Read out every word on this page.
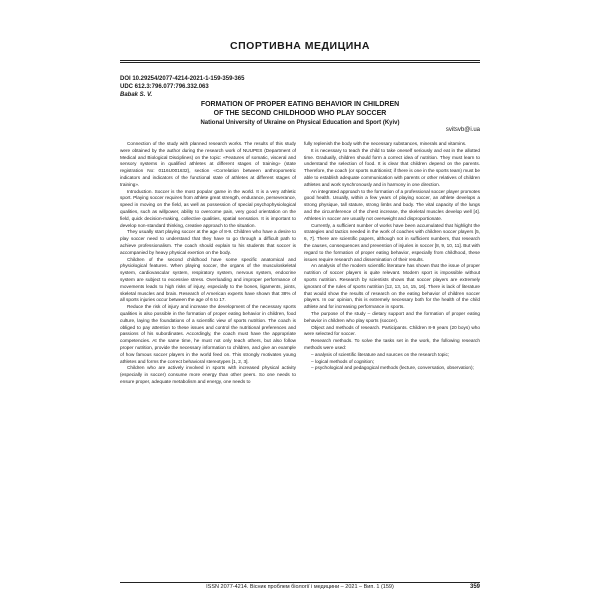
СПОРТИВНА МЕДИЦИНА
DOI 10.29254/2077-4214-2021-1-159-359-365
UDC 612.3:796.077:796.332.063
Babak S. V.
FORMATION OF PROPER EATING BEHAVIOR IN CHILDREN
OF THE SECOND CHILDHOOD WHO PLAY SOCCER
National University of Ukraine on Physical Education and Sport (Kyiv)
svitsvb@i.ua

Connection of the study with planned research works. The results of this study were obtained by the author during the research work of NUUPES (Department of Medical and Biological Disciplines) on the topic: «Features of somatic, visceral and sensory systems in qualified athletes at different stages of training» (state registration No: 0116U001632), section «Correlation between anthropometric indicators and indicators of the functional state of athletes at different stages of training».

Introduction. Soccer is the most popular game in the world. It is a very athletic sport. Playing soccer requires from athlete great strength, endurance, perseverance, speed in moving on the field, as well as possession of special psychophysiological qualities, such as willpower, ability to overcome pain, very good orientation on the field, quick decision-making, collective qualities, spatial sensation. It is important to develop non-standard thinking, creative approach to the situation.

They usually start playing soccer at the age of 8-9. Children who have a desire to play soccer need to understand that they have to go through a difficult path to achieve professionalism. The coach should explain to his students that soccer is accompanied by heavy physical exertion on the body.

Children of the second childhood have some specific anatomical and physiological features. When playing soccer, the organs of the musculoskeletal system, cardiovascular system, respiratory system, nervous system, endocrine system are subject to excessive stress. Overloading and improper performance of movements leads to high risks of injury, especially to the bones, ligaments, joints, skeletal muscles and brain. Research of American experts have shown that 38% of all sports injuries occur between the age of 6 to 17.

Reduce the risk of injury and increase the development of the necessary sports qualities is also possible in the formation of proper eating behavior in children, food culture, laying the foundations of a scientific view of sports nutrition. The coach is obliged to pay attention to these issues and control the nutritional preferences and passions of his subordinates. Accordingly, the coach must have the appropriate competencies. At the same time, he must not only teach others, but also follow proper nutrition, provide the necessary information to children, and give an example of how famous soccer players in the world feed on. This strongly motivates young athletes and forms the correct behavioral stereotypes [1, 2, 3].

Children who are actively involved in sports with increased physical activity (especially in soccer) consume more energy than other peers. So one needs to ensure proper, adequate metabolism and energy, one needs to

fully replenish the body with the necessary substances, minerals and vitamins.

It is necessary to teach the child to take oneself seriously and eat in the allotted time. Gradually, children should form a correct idea of nutrition. They must learn to understand the selection of food. It is clear that children depend on the parents. Therefore, the coach (or sports nutritionist; if there is one in the sports team) must be able to establish adequate communication with parents or other relatives of children athletes and work synchronously and in harmony in one direction.

An integrated approach to the formation of a professional soccer player promotes good health. Usually, within a few years of playing soccer, an athlete develops a strong physique, tall stature, strong limbs and body. The vital capacity of the lungs and the circumference of the chest increase, the skeletal muscles develop well [4]. Athletes in soccer are usually not overweight and disproportionate.

Currently, a sufficient number of works have been accumulated that highlight the strategies and tactics needed in the work of coaches with children soccer players [5, 6, 7]. There are scientific papers, although not in sufficient numbers, that research the causes, consequences and prevention of injuries in soccer [8, 9, 10, 11]. But with regard to the formation of proper eating behavior, especially from childhood, these issues require research and dissemination of their results.

An analysis of the modern scientific literature has shown that the issue of proper nutrition of soccer players is quite relevant. Modern sport is impossible without sports nutrition. Research by scientists shows that soccer players are extremely ignorant of the rules of sports nutrition [12, 13, 14, 15, 16]. There is lack of literature that would show the results of research on the eating behavior of children soccer players. In our opinion, this is extremely necessary both for the health of the child athlete and for increasing performance in sports.

The purpose of the study – dietary support and the formation of proper eating behavior in children who play sports (soccer).

Object and methods of research. Participants. Children 8-9 years (20 boys) who were selected for soccer.

Research methods. To solve the tasks set in the work, the following research methods were used:

– analysis of scientific literature and sources on the research topic;

– logical methods of cognition;

– psychological and pedagogical methods (lecture, conversation, observation);

ISSN 2077-4214. Вісник проблем біології і медицини – 2021 – Вип. 1 (159)	359
